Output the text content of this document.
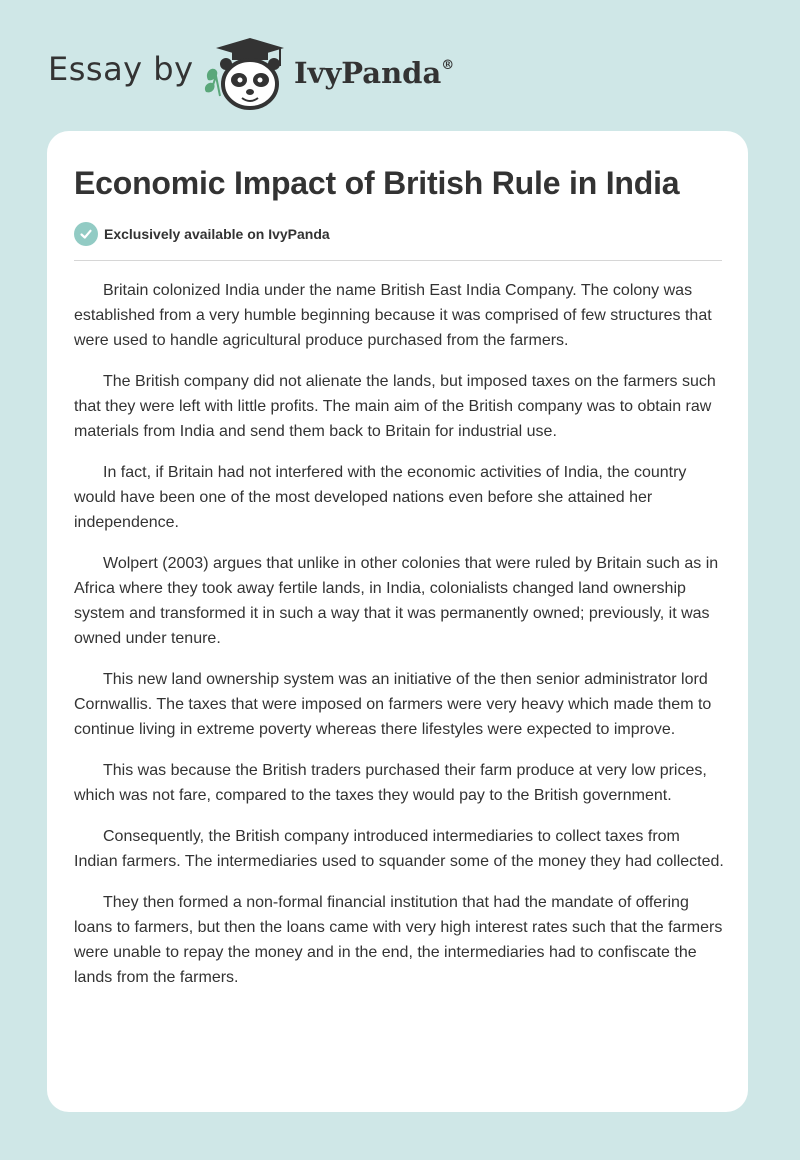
Essay by	IvyPanda®
Economic Impact of British Rule in India
Exclusively available on IvyPanda

Britain colonized India under the name British East India Company. The colony was established from a very humble beginning because it was comprised of few structures that were used to handle agricultural produce purchased from the farmers.

The British company did not alienate the lands, but imposed taxes on the farmers such that they were left with little profits. The main aim of the British company was to obtain raw materials from India and send them back to Britain for industrial use.

In fact, if Britain had not interfered with the economic activities of India, the country would have been one of the most developed nations even before she attained her independence.

Wolpert (2003) argues that unlike in other colonies that were ruled by Britain such as in Africa where they took away fertile lands, in India, colonialists changed land ownership system and transformed it in such a way that it was permanently owned; previously, it was owned under tenure.

This new land ownership system was an initiative of the then senior administrator lord Cornwallis. The taxes that were imposed on farmers were very heavy which made them to continue living in extreme poverty whereas there lifestyles were expected to improve.

This was because the British traders purchased their farm produce at very low prices, which was not fare, compared to the taxes they would pay to the British government.

Consequently, the British company introduced intermediaries to collect taxes from Indian farmers. The intermediaries used to squander some of the money they had collected.

They then formed a non-formal financial institution that had the mandate of offering loans to farmers, but then the loans came with very high interest rates such that the farmers were unable to repay the money and in the end, the intermediaries had to confiscate the lands from the farmers.
